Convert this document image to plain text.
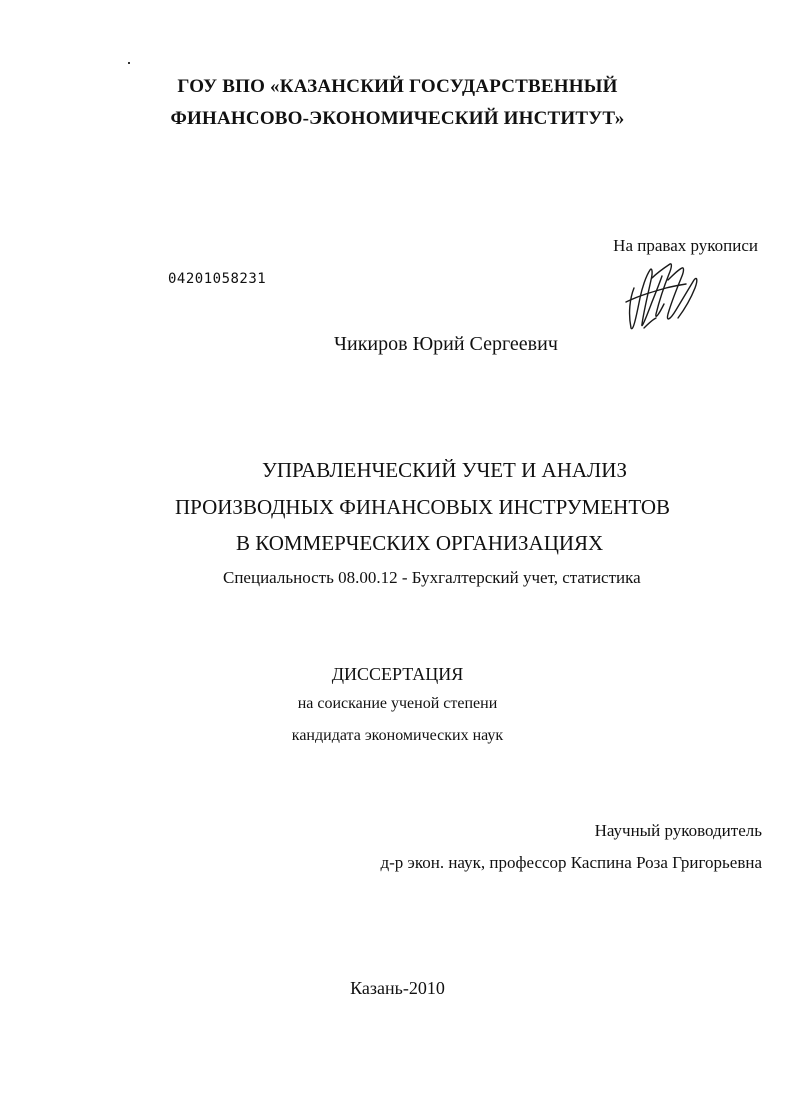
ГОУ ВПО «КАЗАНСКИЙ ГОСУДАРСТВЕННЫЙ
ФИНАНСОВО-ЭКОНОМИЧЕСКИЙ ИНСТИТУТ»
На правах рукописи
04201058231
Чикиров Юрий Сергеевич
УПРАВЛЕНЧЕСКИЙ УЧЕТ И АНАЛИЗ
ПРОИЗВОДНЫХ ФИНАНСОВЫХ ИНСТРУМЕНТОВ
В КОММЕРЧЕСКИХ ОРГАНИЗАЦИЯХ
Специальность 08.00.12 - Бухгалтерский учет, статистика
ДИССЕРТАЦИЯ
на соискание ученой степени
кандидата экономических наук
Научный руководитель
д-р экон. наук, профессор Каспина Роза Григорьевна
Казань-2010
